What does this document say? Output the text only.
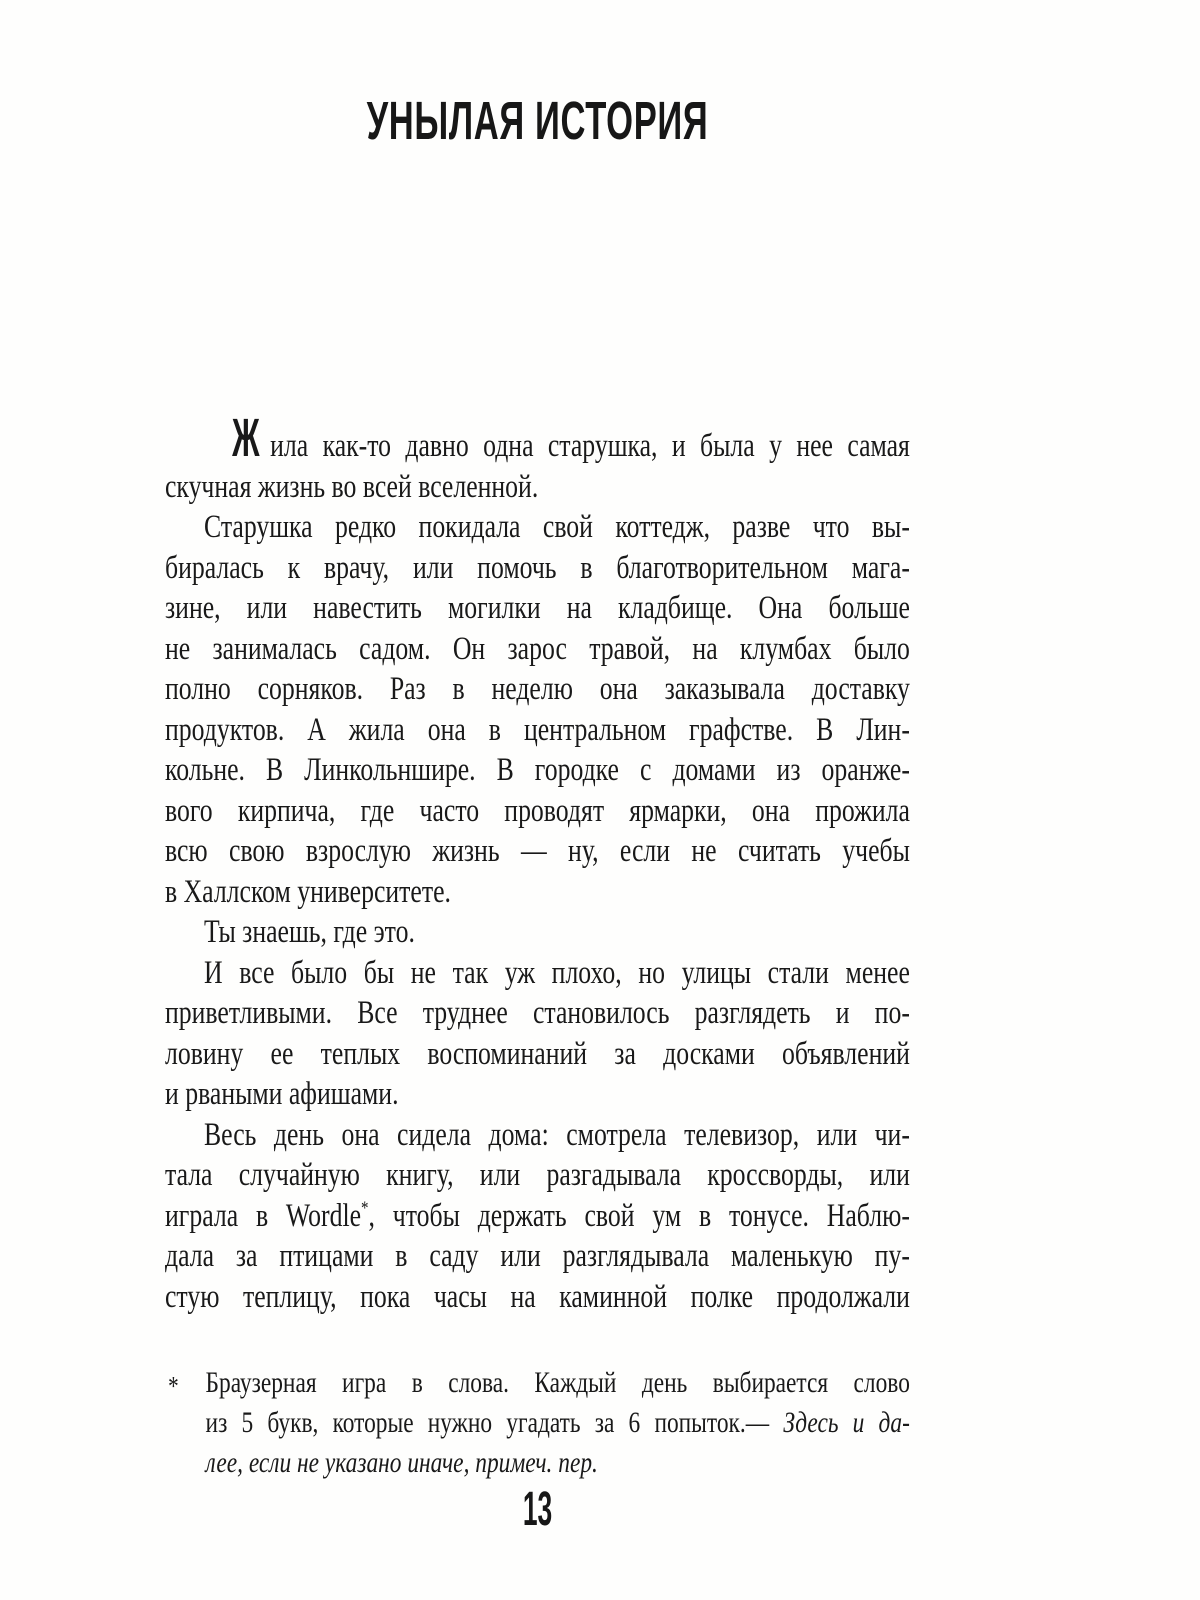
УНЫЛАЯ ИСТОРИЯ
Жила как-то давно одна старушка, и была у нее самая
скучная жизнь во всей вселенной.
Старушка редко покидала свой коттедж, разве что вы-
биралась к врачу, или помочь в благотворительном мага-
зине, или навестить могилки на кладбище. Она больше
не занималась садом. Он зарос травой, на клумбах было
полно сорняков. Раз в неделю она заказывала доставку
продуктов. А жила она в центральном графстве. В Лин-
кольне. В Линкольншире. В городке с домами из оранже-
вого кирпича, где часто проводят ярмарки, она прожила
всю свою взрослую жизнь — ну, если не считать учебы
в Халлском университете.
Ты знаешь, где это.
И все было бы не так уж плохо, но улицы стали менее
приветливыми. Все труднее становилось разглядеть и по-
ловину ее теплых воспоминаний за досками объявлений
и рваными афишами.
Весь день она сидела дома: смотрела телевизор, или чи-
тала случайную книгу, или разгадывала кроссворды, или
играла в Wordle*, чтобы держать свой ум в тонусе. Наблю-
дала за птицами в саду или разглядывала маленькую пу-
стую теплицу, пока часы на каминной полке продолжали
* Браузерная игра в слова. Каждый день выбирается слово
из 5 букв, которые нужно угадать за 6 попыток.— Здесь и да-
лее, если не указано иначе, примеч. пер.
13
